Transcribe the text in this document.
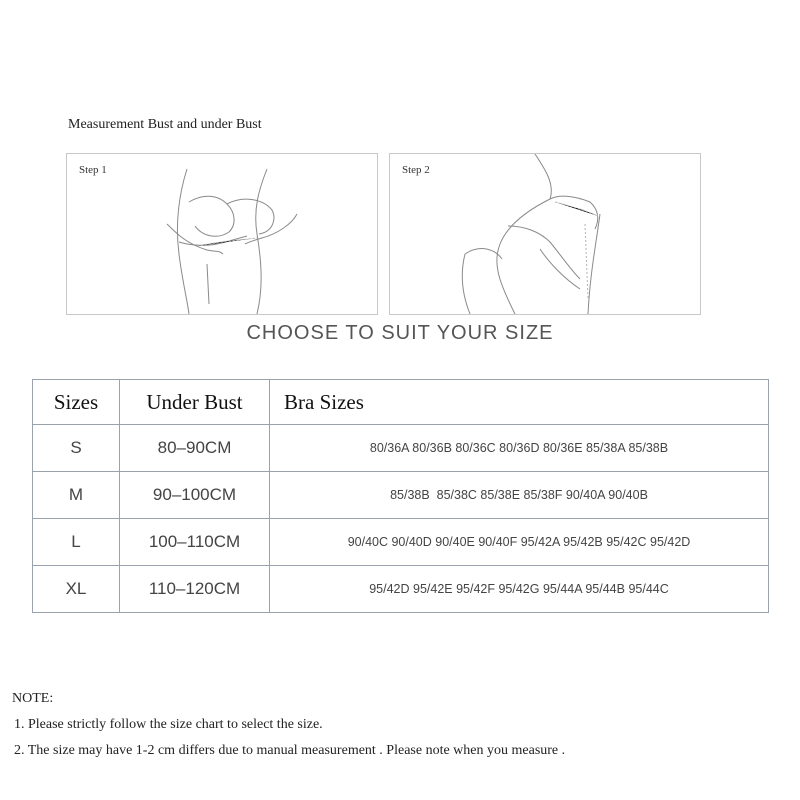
Measurement Bust and under Bust
Step 1	Step 2
CHOOSE TO SUIT YOUR SIZE
Sizes	Under Bust	Bra Sizes
S	80–90CM	80/36A 80/36B 80/36C 80/36D 80/36E 85/38A 85/38B
M	90–100CM	85/38B  85/38C 85/38E 85/38F 90/40A 90/40B
L	100–110CM	90/40C 90/40D 90/40E 90/40F 95/42A 95/42B 95/42C 95/42D
XL	110–120CM	95/42D 95/42E 95/42F 95/42G 95/44A 95/44B 95/44C
NOTE:
1. Please strictly follow the size chart to select the size.
2. The size may have 1-2 cm differs due to manual measurement . Please note when you measure .
